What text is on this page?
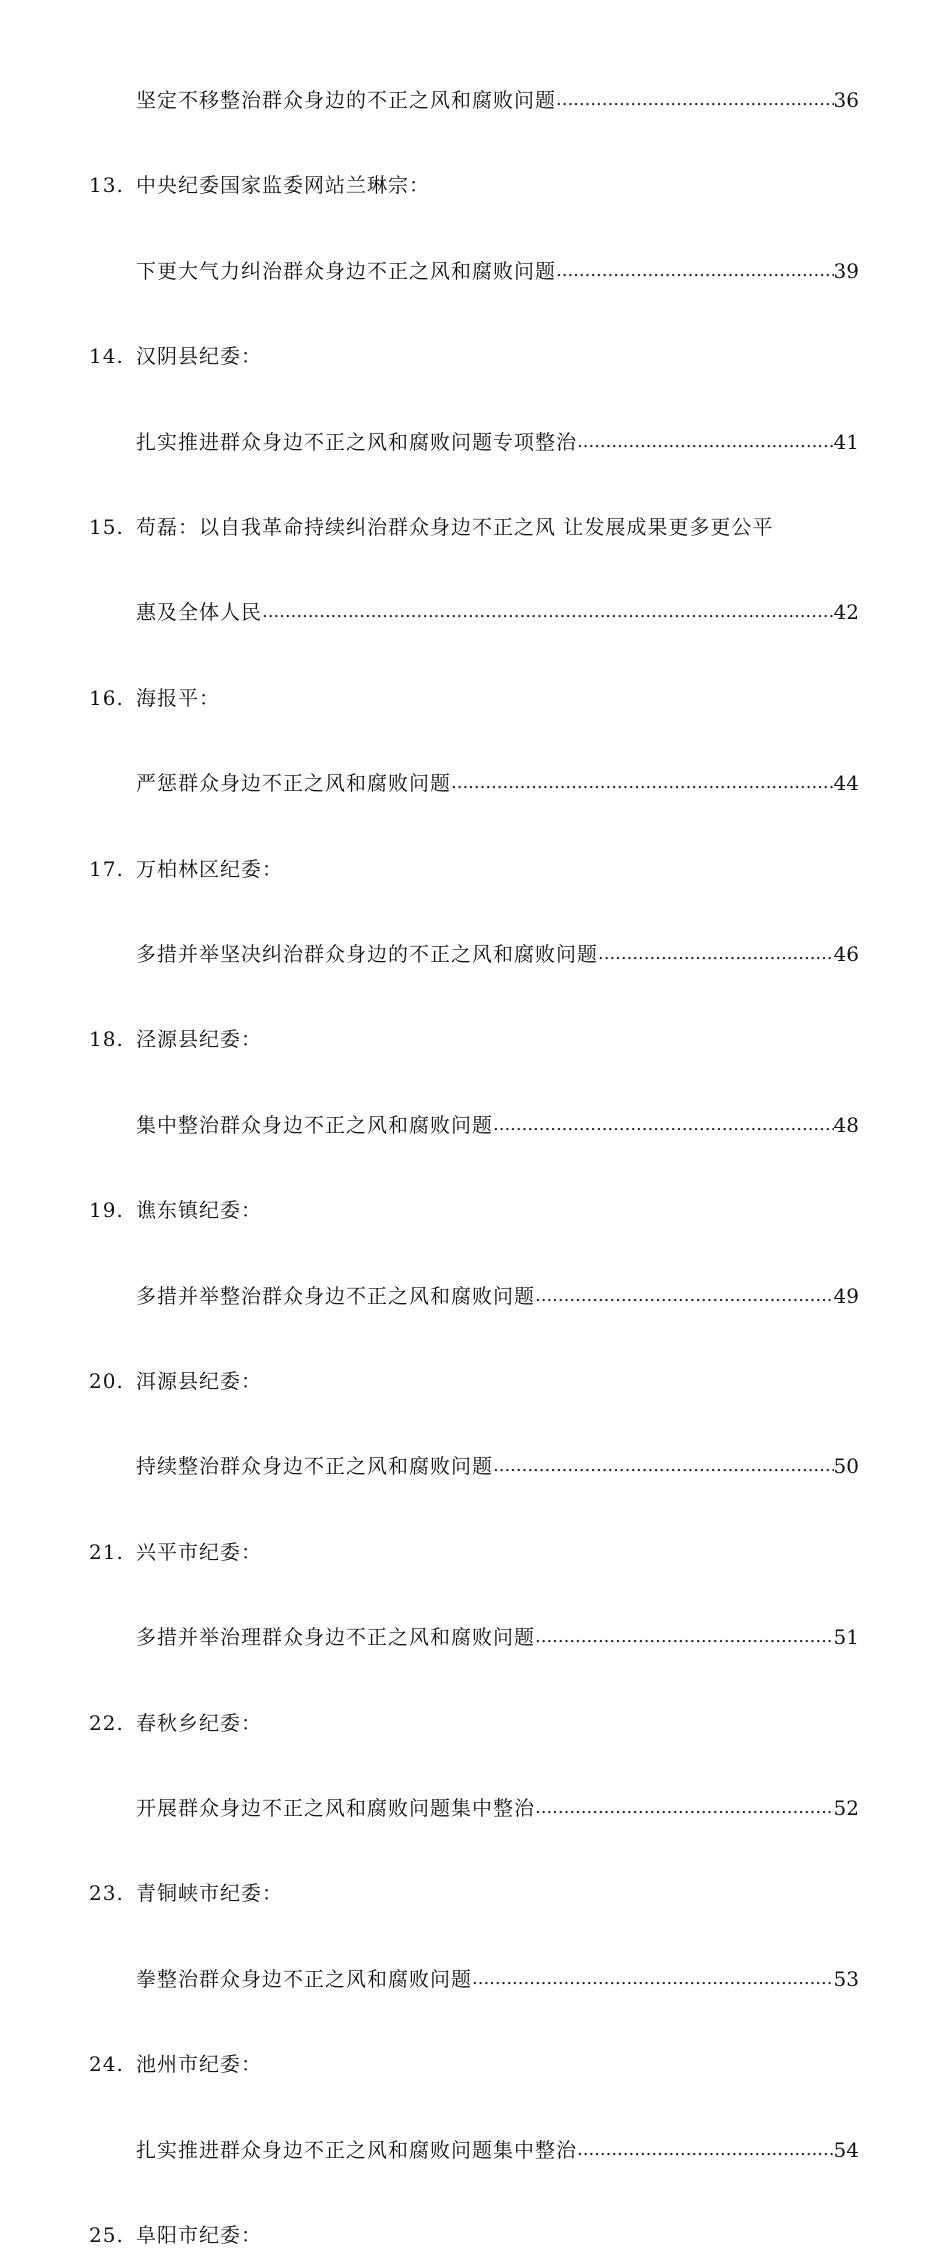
坚定不移整治群众身边的不正之风和腐败问题 .....	36
13. 中央纪委国家监委网站兰琳宗：
下更大气力纠治群众身边不正之风和腐败问题 .....	39
14. 汉阴县纪委：
扎实推进群众身边不正之风和腐败问题专项整治 .....	41
15. 苟磊：以自我革命持续纠治群众身边不正之风 让发展成果更多更公平
惠及全体人民 .....	42
16. 海报平：
严惩群众身边不正之风和腐败问题 .....	44
17. 万柏林区纪委：
多措并举坚决纠治群众身边的不正之风和腐败问题 .....	46
18. 泾源县纪委：
集中整治群众身边不正之风和腐败问题 .....	48
19. 谯东镇纪委：
多措并举整治群众身边不正之风和腐败问题 .....	49
20. 洱源县纪委：
持续整治群众身边不正之风和腐败问题 .....	50
21. 兴平市纪委：
多措并举治理群众身边不正之风和腐败问题 .....	51
22. 春秋乡纪委：
开展群众身边不正之风和腐败问题集中整治 .....	52
23. 青铜峡市纪委：
拳整治群众身边不正之风和腐败问题 .....	53
24. 池州市纪委：
扎实推进群众身边不正之风和腐败问题集中整治 .....	54
25. 阜阳市纪委：
